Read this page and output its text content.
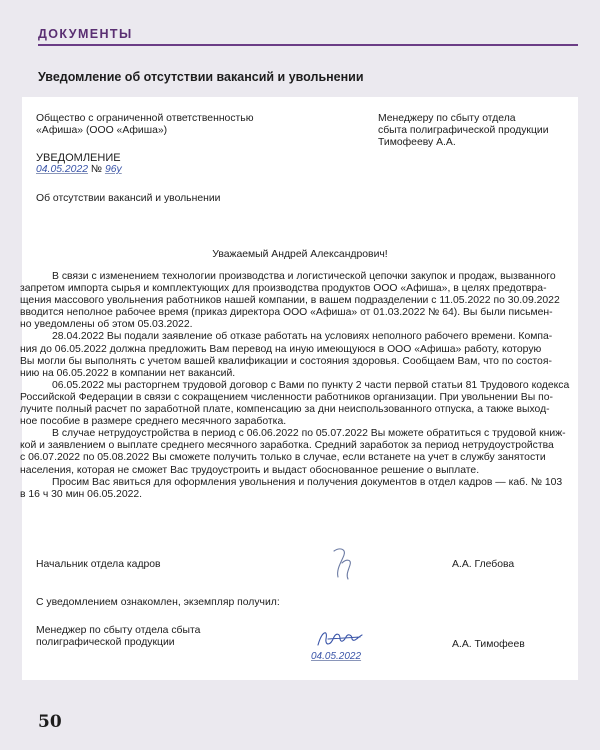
ДОКУМЕНТЫ
Уведомление об отсутствии вакансий и увольнении
Общество с ограниченной ответственностью
«Афиша» (ООО «Афиша»)
Менеджеру по сбыту отдела
сбыта полиграфической продукции
Тимофееву А.А.
УВЕДОМЛЕНИЕ
04.05.2022 № 96у
Об отсутствии вакансий и увольнении
Уважаемый Андрей Александрович!

В связи с изменением технологии производства и логистической цепочки закупок и продаж, вызванного
запретом импорта сырья и комплектующих для производства продуктов ООО «Афиша», в целях предотвра-
щения массового увольнения работников нашей компании, в вашем подразделении с 11.05.2022 по 30.09.2022
вводится неполное рабочее время (приказ директора ООО «Афиша» от 01.03.2022 № 64). Вы были письмен-
но уведомлены об этом 05.03.2022.

28.04.2022 Вы подали заявление об отказе работать на условиях неполного рабочего времени. Компа-
ния до 06.05.2022 должна предложить Вам перевод на иную имеющуюся в ООО «Афиша» работу, которую
Вы могли бы выполнять с учетом вашей квалификации и состояния здоровья. Сообщаем Вам, что по состоя-
нию на 06.05.2022 в компании нет вакансий.

06.05.2022 мы расторгнем трудовой договор с Вами по пункту 2 части первой статьи 81 Трудового кодекса
Российской Федерации в связи с сокращением численности работников организации. При увольнении Вы по-
лучите полный расчет по заработной плате, компенсацию за дни неиспользованного отпуска, а также выход-
ное пособие в размере среднего месячного заработка.

В случае нетрудоустройства в период с 06.06.2022 по 05.07.2022 Вы можете обратиться с трудовой книж-
кой и заявлением о выплате среднего месячного заработка. Средний заработок за период нетрудоустройства
с 06.07.2022 по 05.08.2022 Вы сможете получить только в случае, если встанете на учет в службу занятости
населения, которая не сможет Вас трудоустроить и выдаст обоснованное решение о выплате.

Просим Вас явиться для оформления увольнения и получения документов в отдел кадров — каб. № 103
в 16 ч 30 мин 06.05.2022.

Начальник отдела кадров	А.А. Глебова
С уведомлением ознакомлен, экземпляр получил:
Менеджер по сбыту отдела сбыта
полиграфической продукции
04.05.2022
А.А. Тимофеев
50
